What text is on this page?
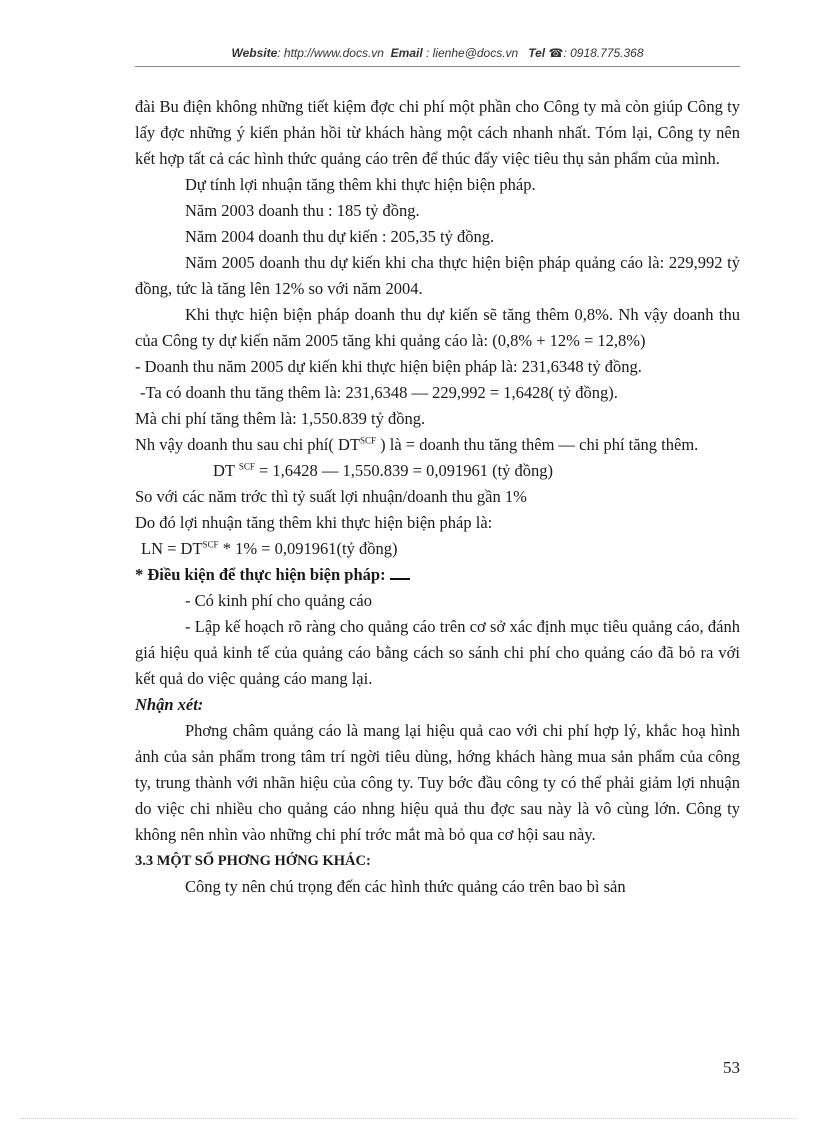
Website: http://www.docs.vn Email : lienhe@docs.vn Tel ☎: 0918.775.368

đài Bu điện không những tiết kiệm đợc chi phí một phần cho Công ty mà còn giúp Công ty lấy đợc những ý kiến phản hồi từ khách hàng một cách nhanh nhất. Tóm lại, Công ty nên kết hợp tất cả các hình thức quảng cáo trên để thúc đẩy việc tiêu thụ sản phẩm của mình.

Dự tính lợi nhuận tăng thêm khi thực hiện biện pháp.

Năm 2003 doanh thu : 185 tỷ đồng.

Năm 2004 doanh thu dự kiến : 205,35 tỷ đồng.

Năm 2005 doanh thu dự kiến khi cha thực hiện biện pháp quảng cáo là: 229,992 tỷ đồng, tức là tăng lên 12% so với năm 2004.

Khi thực hiện biện pháp doanh thu dự kiến sẽ tăng thêm 0,8%. Nh vậy doanh thu của Công ty dự kiến năm 2005 tăng khi quảng cáo là: (0,8% + 12% = 12,8%)

- Doanh thu năm 2005 dự kiến khi thực hiện biện pháp là: 231,6348 tỷ đồng.

-Ta có doanh thu tăng thêm là: 231,6348 — 229,992 = 1,6428( tỷ đồng).

Mà chi phí tăng thêm là: 1,550.839 tỷ đồng.

Nh vậy doanh thu sau chi phí( $DT^{SCF}$ ) là = doanh thu tăng thêm — chi phí tăng thêm.

DT $^{SCF}$ = 1,6428 — 1,550.839 = 0,091961 (tỷ đồng)

So với các năm trớc thì tỷ suất lợi nhuận/doanh thu gần 1%

Do đó lợi nhuận tăng thêm khi thực hiện biện pháp là:

LN = $DT^{SCF} * 1\%$ = 0,091961(tỷ đồng)

* Điều kiện để thực hiện biện pháp:

- Có kinh phí cho quảng cáo

- Lập kế hoạch rõ ràng cho quảng cáo trên cơ sở xác định mục tiêu quảng cáo, đánh giá hiệu quả kinh tế của quảng cáo bằng cách so sánh chi phí cho quảng cáo đã bỏ ra với kết quả do việc quảng cáo mang lại.

Nhận xét:

Phơng châm quảng cáo là mang lại hiệu quả cao với chi phí hợp lý, khắc hoạ hình ảnh của sản phẩm trong tâm trí ngời tiêu dùng, hớng khách hàng mua sản phẩm của công ty, trung thành với nhãn hiệu của công ty. Tuy bớc đầu công ty có thể phải giảm lợi nhuận do việc chi nhiều cho quảng cáo nhng hiệu quả thu đợc sau này là vô cùng lớn. Công ty không nên nhìn vào những chi phí trớc mắt mà bỏ qua cơ hội sau này.

3.3 MỘT SỐ PHƠNG HỚNG KHÁC:

Công ty nên chú trọng đến các hình thức quảng cáo trên bao bì sản

53
